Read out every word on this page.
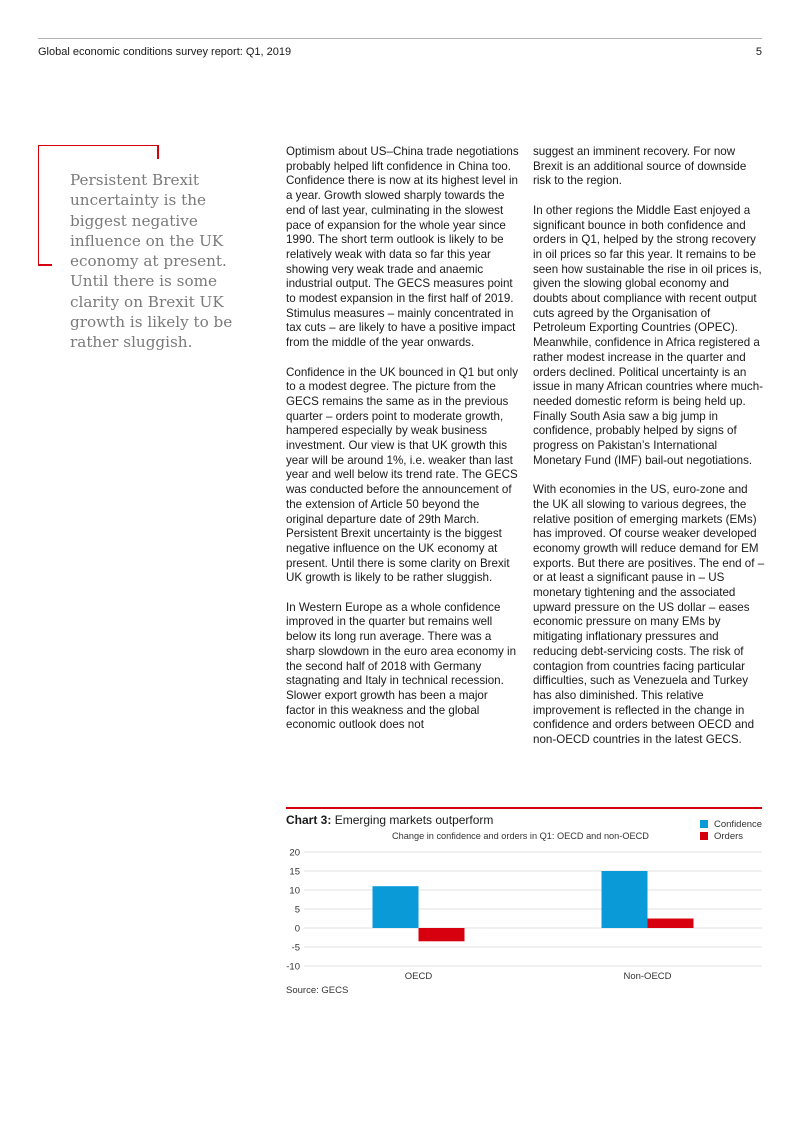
Global economic conditions survey report: Q1, 2019	5
Persistent Brexit uncertainty is the biggest negative influence on the UK economy at present. Until there is some clarity on Brexit UK growth is likely to be rather sluggish.

Optimism about US–China trade negotiations probably helped lift confidence in China too. Confidence there is now at its highest level in a year. Growth slowed sharply towards the end of last year, culminating in the slowest pace of expansion for the whole year since 1990. The short term outlook is likely to be relatively weak with data so far this year showing very weak trade and anaemic industrial output. The GECS measures point to modest expansion in the first half of 2019. Stimulus measures – mainly concentrated in tax cuts – are likely to have a positive impact from the middle of the year onwards.

Confidence in the UK bounced in Q1 but only to a modest degree. The picture from the GECS remains the same as in the previous quarter – orders point to moderate growth, hampered especially by weak business investment. Our view is that UK growth this year will be around 1%, i.e. weaker than last year and well below its trend rate. The GECS was conducted before the announcement of the extension of Article 50 beyond the original departure date of 29th March. Persistent Brexit uncertainty is the biggest negative influence on the UK economy at present. Until there is some clarity on Brexit UK growth is likely to be rather sluggish.

In Western Europe as a whole confidence improved in the quarter but remains well below its long run average. There was a sharp slowdown in the euro area economy in the second half of 2018 with Germany stagnating and Italy in technical recession. Slower export growth has been a major factor in this weakness and the global economic outlook does not

suggest an imminent recovery. For now Brexit is an additional source of downside risk to the region.

In other regions the Middle East enjoyed a significant bounce in both confidence and orders in Q1, helped by the strong recovery in oil prices so far this year. It remains to be seen how sustainable the rise in oil prices is, given the slowing global economy and doubts about compliance with recent output cuts agreed by the Organisation of Petroleum Exporting Countries (OPEC). Meanwhile, confidence in Africa registered a rather modest increase in the quarter and orders declined. Political uncertainty is an issue in many African countries where much-needed domestic reform is being held up. Finally South Asia saw a big jump in confidence, probably helped by signs of progress on Pakistan’s International Monetary Fund (IMF) bail-out negotiations.

With economies in the US, euro-zone and the UK all slowing to various degrees, the relative position of emerging markets (EMs) has improved. Of course weaker developed economy growth will reduce demand for EM exports. But there are positives. The end of – or at least a significant pause in – US monetary tightening and the associated upward pressure on the US dollar – eases economic pressure on many EMs by mitigating inflationary pressures and reducing debt-servicing costs. The risk of contagion from countries facing particular difficulties, such as Venezuela and Turkey has also diminished. This relative improvement is reflected in the change in confidence and orders between OECD and non-OECD countries in the latest GECS.

Chart 3: Emerging markets outperform
Change in confidence and orders in Q1: OECD and non-OECD
Confidence
Orders
20
15
10
5
0
-5
-10
OECD	Non-OECD
Source: GECS
